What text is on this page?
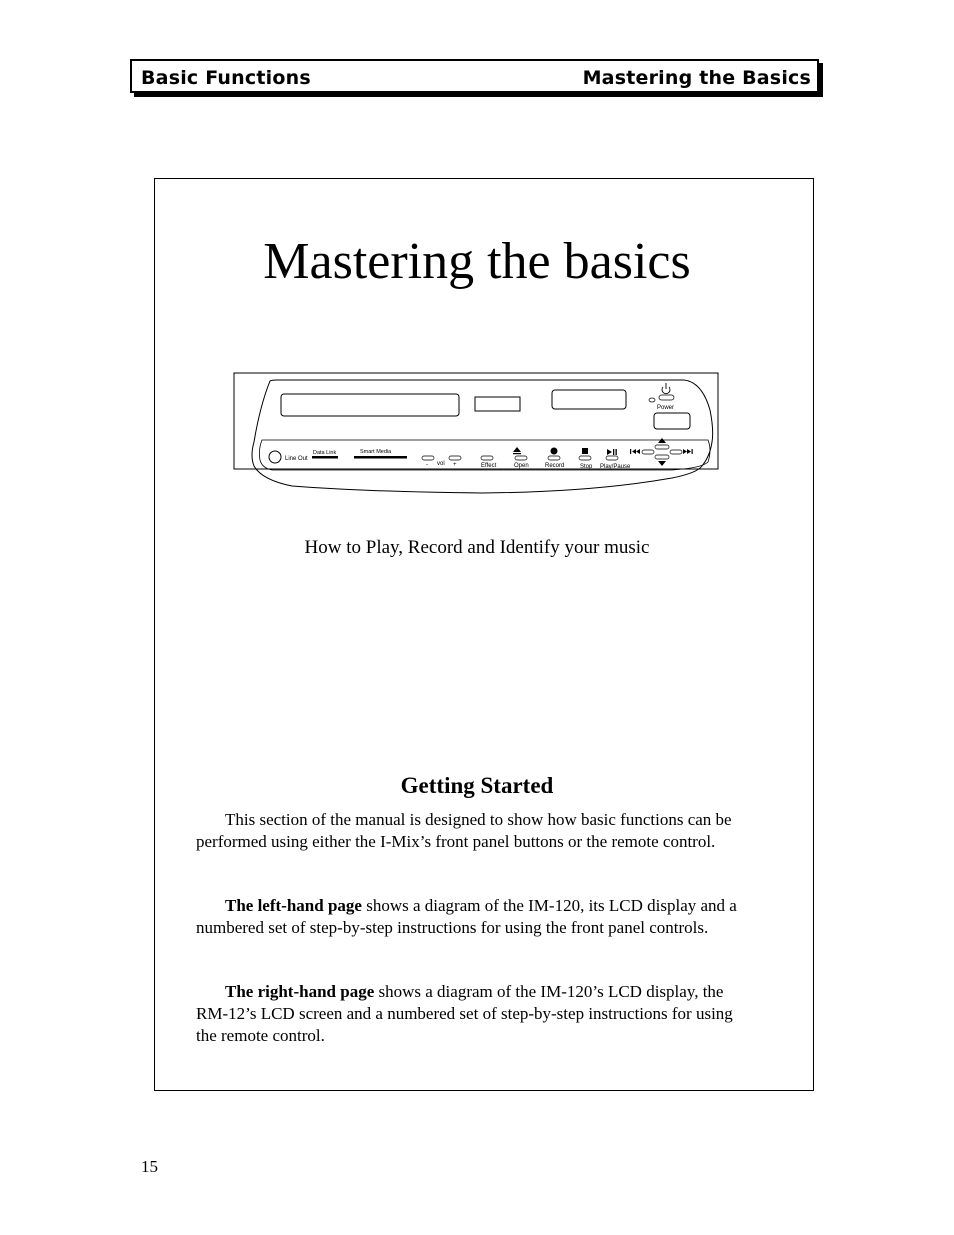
Basic Functions	Mastering the Basics
Mastering the basics
Power
Line Out
Data Link	Smart Media
- vol +	Effect	Open	Record	Stop Play/Pause
How to Play, Record and Identify your music
Getting Started

This section of the manual is designed to show how basic functions can be performed using either the I-Mix’s front panel buttons or the remote control.

The left-hand page shows a diagram of the IM-120, its LCD display and a numbered set of step-by-step instructions for using the front panel controls.

The right-hand page shows a diagram of the IM-120’s LCD display, the RM-12’s LCD screen and a numbered set of step-by-step instructions for using the remote control.

15
